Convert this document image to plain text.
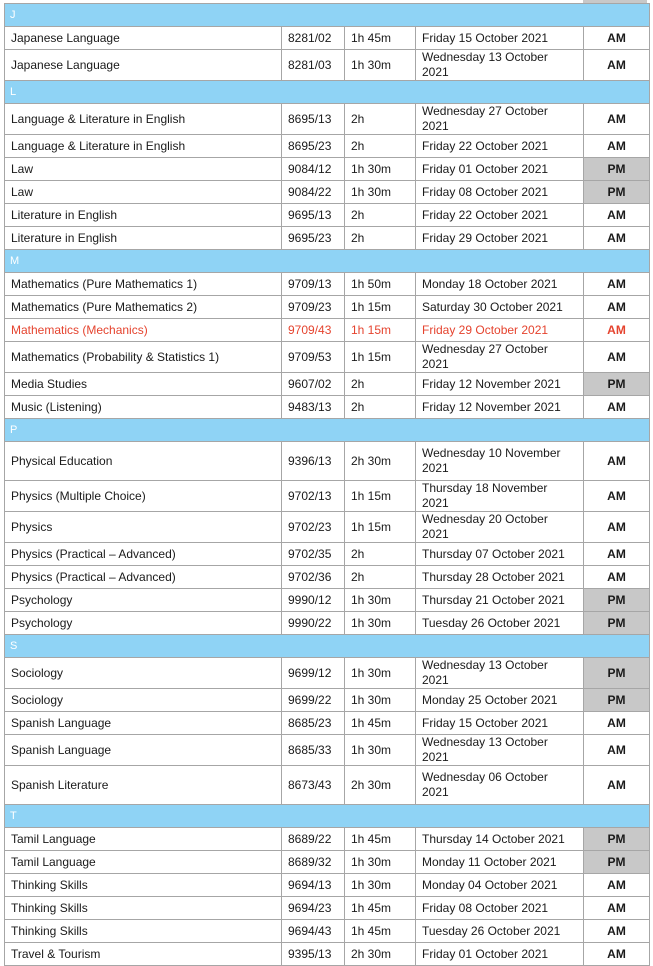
J				
Japanese Language	8281/02	1h 45m	Friday 15 October 2021	AM
Japanese Language	8281/03	1h 30m	Wednesday 13 October 2021	AM
L				
Language & Literature in English	8695/13	2h	Wednesday 27 October 2021	AM
Language & Literature in English	8695/23	2h	Friday 22 October 2021	AM
Law	9084/12	1h 30m	Friday 01 October 2021	PM
Law	9084/22	1h 30m	Friday 08 October 2021	PM
Literature in English	9695/13	2h	Friday 22 October 2021	AM
Literature in English	9695/23	2h	Friday 29 October 2021	AM
M				
Mathematics (Pure Mathematics 1)	9709/13	1h 50m	Monday 18 October 2021	AM
Mathematics (Pure Mathematics 2)	9709/23	1h 15m	Saturday 30 October 2021	AM
Mathematics (Mechanics)	9709/43	1h 15m	Friday 29 October 2021	AM
Mathematics (Probability & Statistics 1)	9709/53	1h 15m	Wednesday 27 October 2021	AM
Media Studies	9607/02	2h	Friday 12 November 2021	PM
Music (Listening)	9483/13	2h	Friday 12 November 2021	AM
P				
Physical Education	9396/13	2h 30m	Wednesday 10 November 2021	AM
Physics (Multiple Choice)	9702/13	1h 15m	Thursday 18 November 2021	AM
Physics	9702/23	1h 15m	Wednesday 20 October 2021	AM
Physics (Practical – Advanced)	9702/35	2h	Thursday 07 October 2021	AM
Physics (Practical – Advanced)	9702/36	2h	Thursday 28 October 2021	AM
Psychology	9990/12	1h 30m	Thursday 21 October 2021	PM
Psychology	9990/22	1h 30m	Tuesday 26 October 2021	PM
S				
Sociology	9699/12	1h 30m	Wednesday 13 October 2021	PM
Sociology	9699/22	1h 30m	Monday 25 October 2021	PM
Spanish Language	8685/23	1h 45m	Friday 15 October 2021	AM
Spanish Language	8685/33	1h 30m	Wednesday 13 October 2021	AM
Spanish Literature	8673/43	2h 30m	Wednesday 06 October 2021	AM
T				
Tamil Language	8689/22	1h 45m	Thursday 14 October 2021	PM
Tamil Language	8689/32	1h 30m	Monday 11 October 2021	PM
Thinking Skills	9694/13	1h 30m	Monday 04 October 2021	AM
Thinking Skills	9694/23	1h 45m	Friday 08 October 2021	AM
Thinking Skills	9694/43	1h 45m	Tuesday 26 October 2021	AM
Travel & Tourism	9395/13	2h 30m	Friday 01 October 2021	AM
